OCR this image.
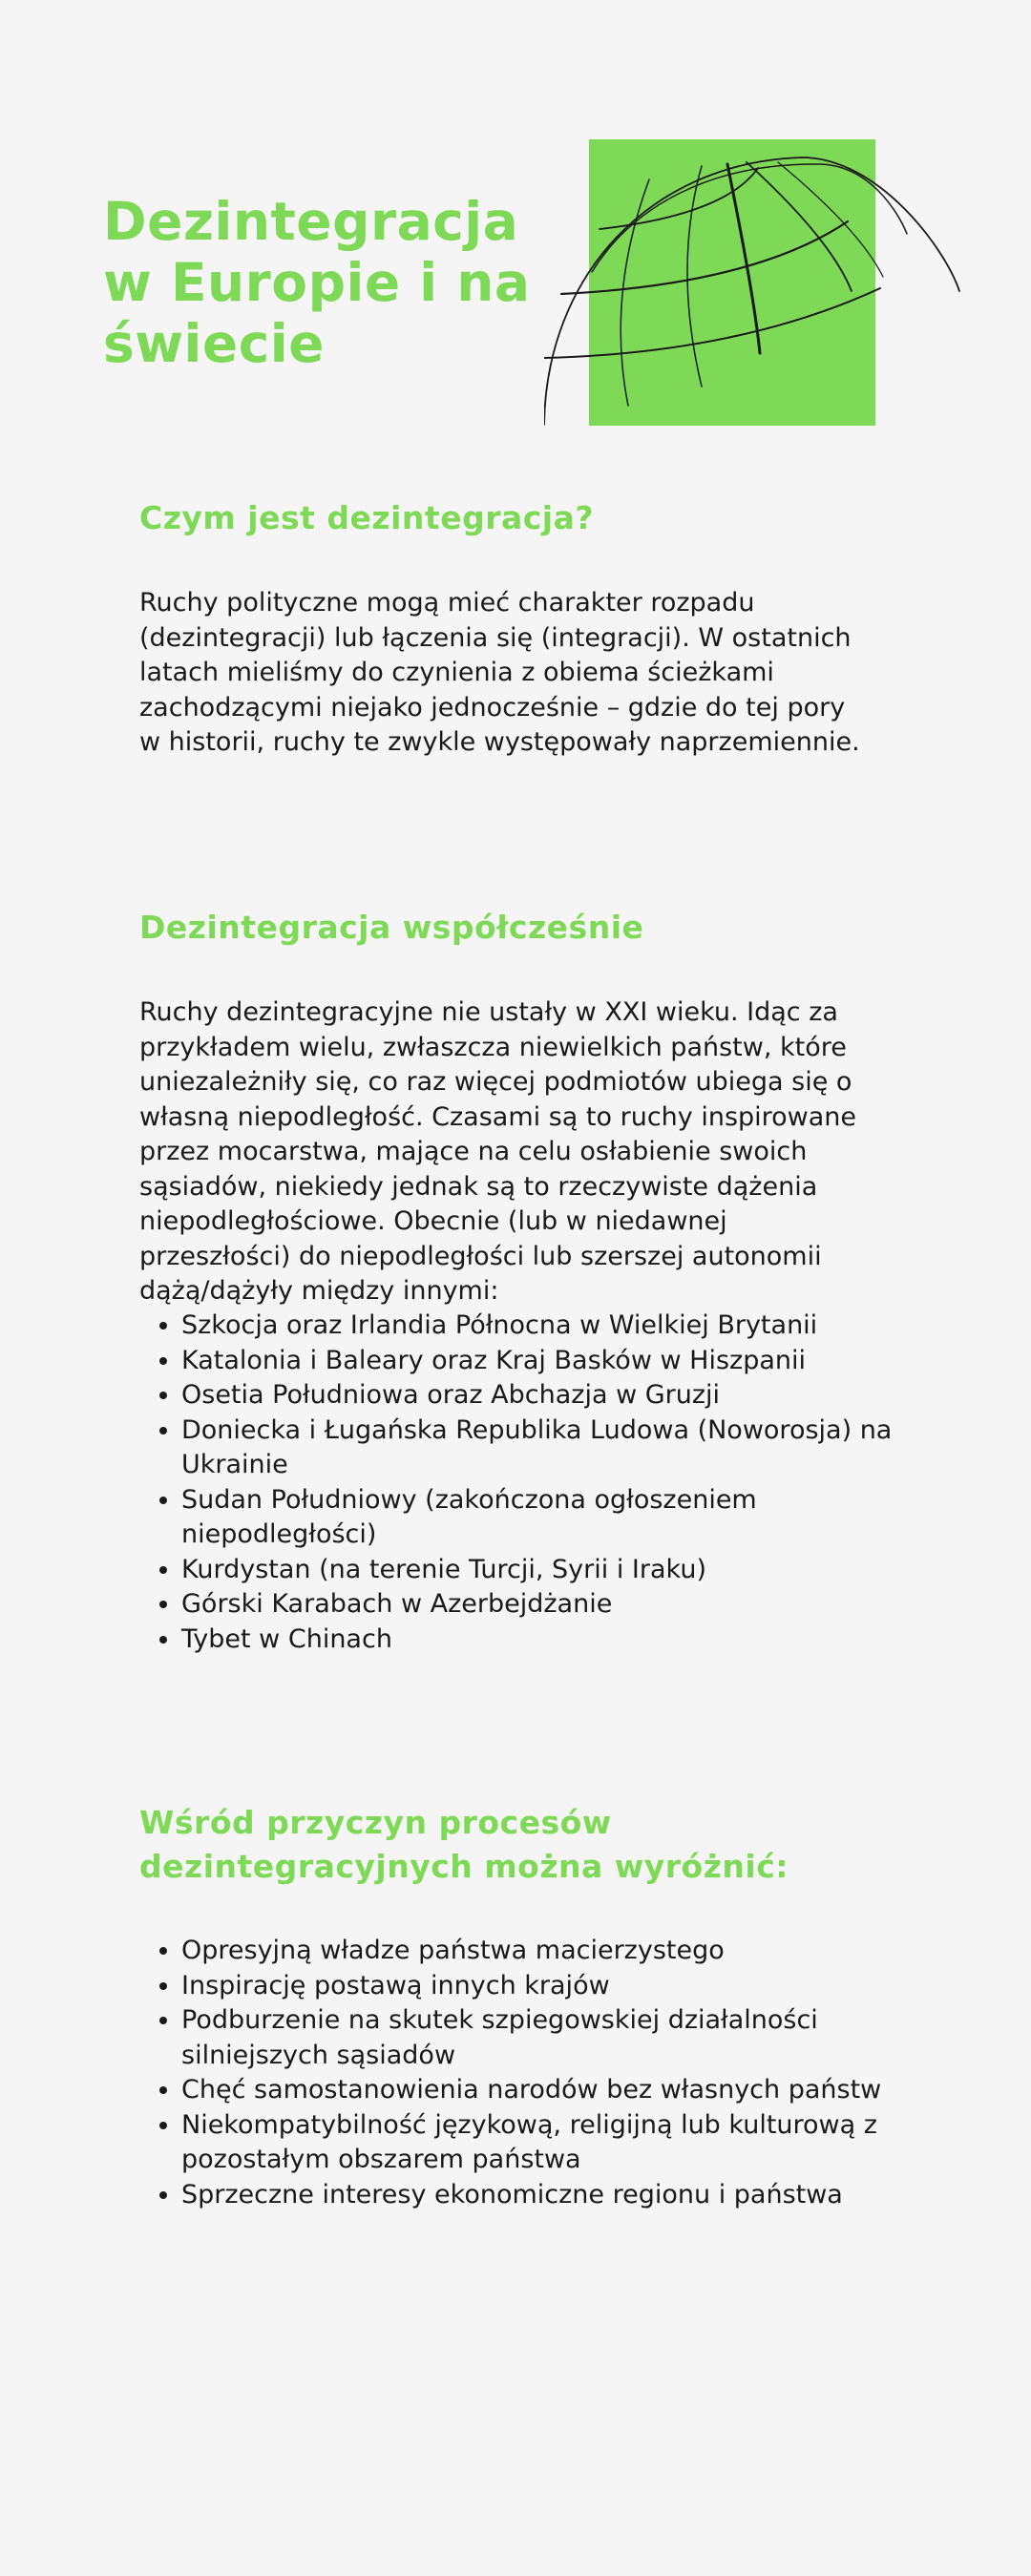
Dezintegracja w Europie i na świecie
Czym jest dezintegracja?

Ruchy polityczne mogą mieć charakter rozpadu (dezintegracji) lub łączenia się (integracji). W ostatnich latach mieliśmy do czynienia z obiema ścieżkami zachodzącymi niejako jednocześnie – gdzie do tej pory w historii, ruchy te zwykle występowały naprzemiennie.

Dezintegracja współcześnie

Ruchy dezintegracyjne nie ustały w XXI wieku. Idąc za przykładem wielu, zwłaszcza niewielkich państw, które uniezależniły się, co raz więcej podmiotów ubiega się o własną niepodległość. Czasami są to ruchy inspirowane przez mocarstwa, mające na celu osłabienie swoich sąsiadów, niekiedy jednak są to rzeczywiste dążenia niepodległościowe. Obecnie (lub w niedawnej przeszłości) do niepodległości lub szerszej autonomii dążą/dążyły między innymi:

• Szkocja oraz Irlandia Północna w Wielkiej Brytanii
• Katalonia i Baleary oraz Kraj Basków w Hiszpanii
• Osetia Południowa oraz Abchazja w Gruzji
• Doniecka i Ługańska Republika Ludowa (Noworosja) na Ukrainie
• Sudan Południowy (zakończona ogłoszeniem niepodległości)
• Kurdystan (na terenie Turcji, Syrii i Iraku)
• Górski Karabach w Azerbejdżanie
• Tybet w Chinach
Wśród przyczyn procesów dezintegracyjnych można wyróżnić:
• Opresyjną władze państwa macierzystego
• Inspirację postawą innych krajów
• Podburzenie na skutek szpiegowskiej działalności silniejszych sąsiadów
• Chęć samostanowienia narodów bez własnych państw
• Niekompatybilność językową, religijną lub kulturową z pozostałym obszarem państwa
• Sprzeczne interesy ekonomiczne regionu i państwa
